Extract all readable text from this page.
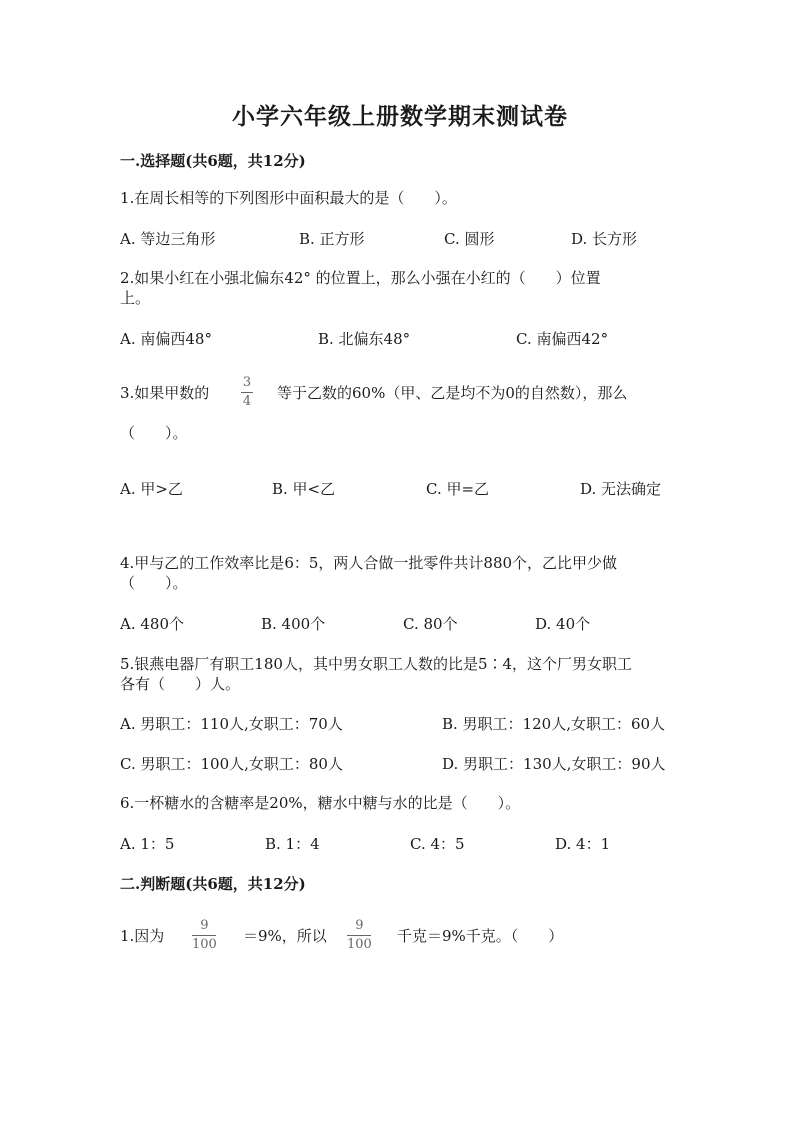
小学六年级上册数学期末测试卷
一.选择题(共6题，共12分)
1.在周长相等的下列图形中面积最大的是（　　）。
A. 等边三角形	B. 正方形	C. 圆形	D. 长方形
2.如果小红在小强北偏东42° 的位置上，那么小强在小红的（　　）位置
上。
A. 南偏西48°	B. 北偏东48°	C. 南偏西42°
3.如果甲数的
3
4 等于乙数的60%（甲、乙是均不为0的自然数），那么
（　　）。
A. 甲>乙	B. 甲<乙	C. 甲=乙	D. 无法确定
4.甲与乙的工作效率比是6：5，两人合做一批零件共计880个，乙比甲少做
（　　）。
A. 480个	B. 400个	C. 80个	D. 40个
5.银燕电器厂有职工180人，其中男女职工人数的比是5∶4，这个厂男女职工
各有（　　）人。
A. 男职工：110人,女职工：70人	B. 男职工：120人,女职工：60人
C. 男职工：100人,女职工：80人	D. 男职工：130人,女职工：90人
6.一杯糖水的含糖率是20%，糖水中糖与水的比是（　　）。
A. 1：5	B. 1：4	C. 4：5	D. 4：1
二.判断题(共6题，共12分)
1.因为
9
100 ＝9%，所以
9
100 千克＝9%千克。（　　）
